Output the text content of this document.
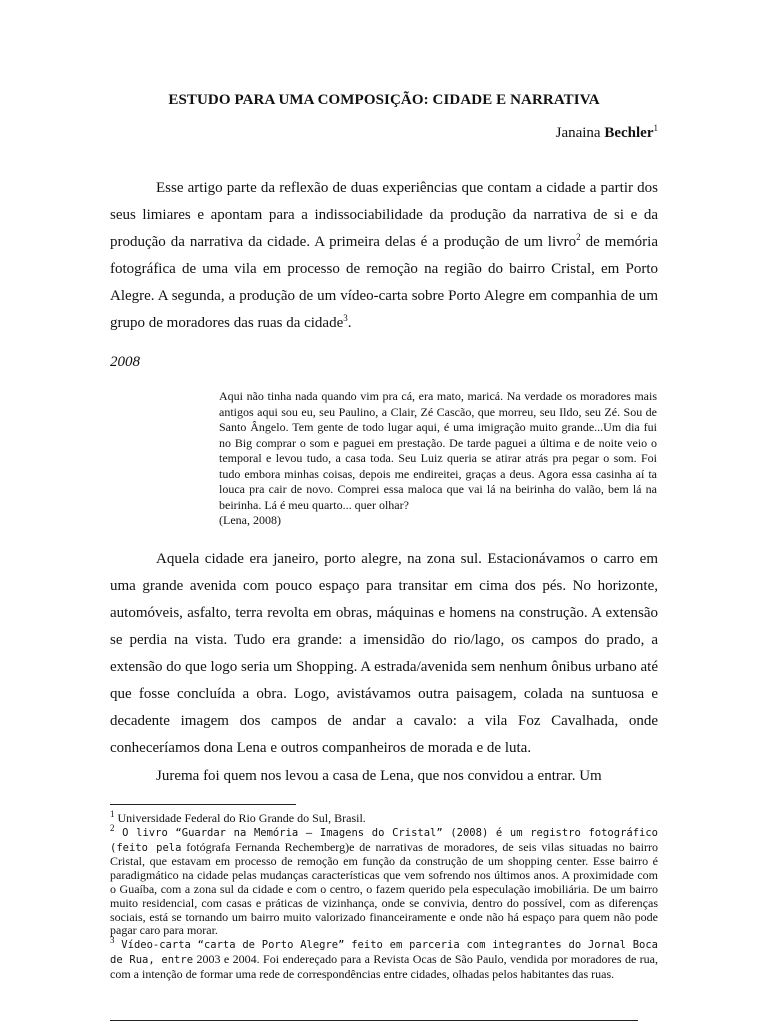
ESTUDO PARA UMA COMPOSIÇÃO: CIDADE E NARRATIVA
Janaina Bechler$^1$

Esse artigo parte da reflexão de duas experiências que contam a cidade a partir dos seus limiares e apontam para a indissociabilidade da produção da narrativa de si e da produção da narrativa da cidade. A primeira delas é a produção de um livro$^2$ de memória fotográfica de uma vila em processo de remoção na região do bairro Cristal, em Porto Alegre. A segunda, a produção de um vídeo-carta sobre Porto Alegre em companhia de um grupo de moradores das ruas da cidade$^3$.

2008

Aqui não tinha nada quando vim pra cá, era mato, maricá. Na verdade os moradores mais antigos aqui sou eu, seu Paulino, a Clair, Zé Cascão, que morreu, seu Ildo, seu Zé. Sou de Santo Ângelo. Tem gente de todo lugar aqui, é uma imigração muito grande...Um dia fui no Big comprar o som e paguei em prestação. De tarde paguei a última e de noite veio o temporal e levou tudo, a casa toda. Seu Luiz queria se atirar atrás pra pegar o som. Foi tudo embora minhas coisas, depois me endireitei, graças a deus. Agora essa casinha aí ta louca pra cair de novo. Comprei essa maloca que vai lá na beirinha do valão, bem lá na beirinha. Lá é meu quarto... quer olhar?
(Lena, 2008)

Aquela cidade era janeiro, porto alegre, na zona sul. Estacionávamos o carro em uma grande avenida com pouco espaço para transitar em cima dos pés. No horizonte, automóveis, asfalto, terra revolta em obras, máquinas e homens na construção. A extensão se perdia na vista. Tudo era grande: a imensidão do rio/lago, os campos do prado, a extensão do que logo seria um Shopping. A estrada/avenida sem nenhum ônibus urbano até que fosse concluída a obra. Logo, avistávamos outra paisagem, colada na suntuosa e decadente imagem dos campos de andar a cavalo: a vila Foz Cavalhada, onde conheceríamos dona Lena e outros companheiros de morada e de luta.

Jurema foi quem nos levou a casa de Lena, que nos convidou a entrar. Um

$^1$ Universidade Federal do Rio Grande do Sul, Brasil.

$^2$ O livro “Guardar na Memória – Imagens do Cristal” (2008) é um registro fotográfico (feito pela fotógrafa Fernanda Rechemberg)e de narrativas de moradores, de seis vilas situadas no bairro Cristal, que estavam em processo de remoção em função da construção de um shopping center. Esse bairro é paradigmático na cidade pelas mudanças características que vem sofrendo nos últimos anos. A proximidade com o Guaíba, com a zona sul da cidade e com o centro, o fazem querido pela especulação imobiliária. De um bairro muito residencial, com casas e práticas de vizinhança, onde se convivia, dentro do possível, com as diferenças sociais, está se tornando um bairro muito valorizado financeiramente e onde não há espaço para quem não pode pagar caro para morar.

$^3$ Vídeo-carta “carta de Porto Alegre” feito em parceria com integrantes do Jornal Boca de Rua, entre 2003 e 2004. Foi endereçado para a Revista Ocas de São Paulo, vendida por moradores de rua, com a intenção de formar uma rede de correspondências entre cidades, olhadas pelos habitantes das ruas.
